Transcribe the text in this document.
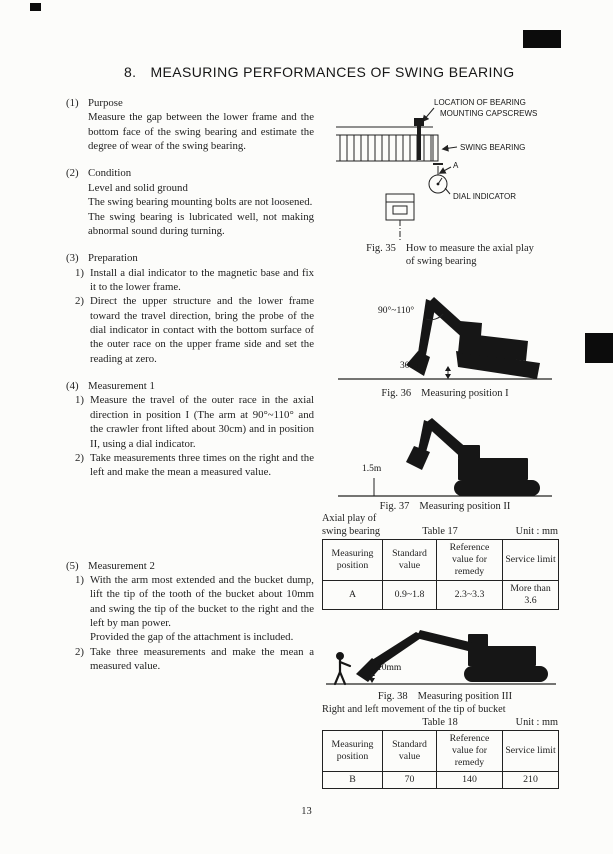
8. MEASURING PERFORMANCES OF SWING BEARING
(1) Purpose

Measure the gap between the lower frame and the bottom face of the swing bearing and estimate the degree of wear of the swing bearing.

(2) Condition

Level and solid ground

The swing bearing mounting bolts are not loosened.

The swing bearing is lubricated well, not making abnormal sound during turning.

(3) Preparation
1) Install a dial indicator to the magnetic base and fix it to the lower frame.

2) Direct the upper structure and the lower frame toward the travel direction, bring the probe of the dial indicator in contact with the bottom surface of the outer race on the upper frame side and set the reading at zero.

(4) Measurement 1
1) Measure the travel of the outer race in the axial direction in position I (The arm at 90°~110° and the crawler front lifted about 30cm) and in position II, using a dial indicator.

2) Take measurements three times on the right and the left and make the mean a measured value.

(5) Measurement 2
1) With the arm most extended and the bucket dump, lift the tip of the tooth of the bucket about 10mm and swing the tip of the bucket to the right and the left by man power.

Provided the gap of the attachment is included.

2) Take three measurements and make the mean a measured value.

LOCATION OF BEARING
MOUNTING CAPSCREWS
SWING BEARING
A
DIAL INDICATOR
Fig. 35 How to measure the axial play
of swing bearing
90°~110°
30cm
Fig. 36 Measuring position I
1.5m
Fig. 37 Measuring position II
Axial play of
swing bearing	Table 17	Unit : mm
Measuring position	Standard value	Reference value for remedy	Service limit
A	0.9~1.8	2.3~3.3	More than 3.6
10mm
Fig. 38 Measuring position III
Right and left movement of the tip of bucket
Table 18	Unit : mm
Measuring position	Standard value	Reference value for remedy	Service limit
B	70	140	210
13
